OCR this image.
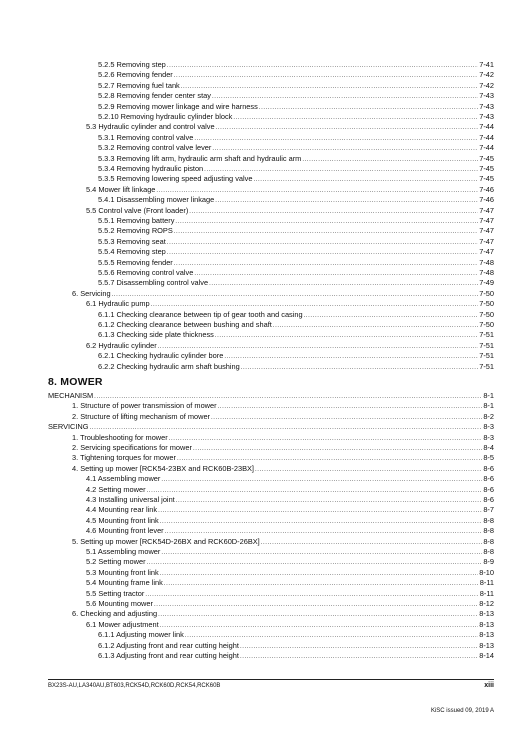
5.2.5 Removing step .....	7-41
5.2.6 Removing fender .....	7-42
5.2.7 Removing fuel tank .....	7-42
5.2.8 Removing fender center stay .....	7-43
5.2.9 Removing mower linkage and wire harness .....	7-43
5.2.10 Removing hydraulic cylinder block .....	7-43
5.3 Hydraulic cylinder and control valve .....	7-44
5.3.1 Removing control valve .....	7-44
5.3.2 Removing control valve lever .....	7-44
5.3.3 Removing lift arm, hydraulic arm shaft and hydraulic arm .....	7-45
5.3.4 Removing hydraulic piston .....	7-45
5.3.5 Removing lowering speed adjusting valve .....	7-45
5.4 Mower lift linkage .....	7-46
5.4.1 Disassembling mower linkage .....	7-46
5.5 Control valve (Front loader) .....	7-47
5.5.1 Removing battery .....	7-47
5.5.2 Removing ROPS .....	7-47
5.5.3 Removing seat .....	7-47
5.5.4 Removing step .....	7-47
5.5.5 Removing fender .....	7-48
5.5.6 Removing control valve .....	7-48
5.5.7 Disassembling control valve .....	7-49
6. Servicing .....	7-50
6.1 Hydraulic pump .....	7-50
6.1.1 Checking clearance between tip of gear tooth and casing .....	7-50
6.1.2 Checking clearance between bushing and shaft .....	7-50
6.1.3 Checking side plate thickness .....	7-51
6.2 Hydraulic cylinder .....	7-51
6.2.1 Checking hydraulic cylinder bore .....	7-51
6.2.2 Checking hydraulic arm shaft bushing .....	7-51
MECHANISM .....	8-1
1. Structure of power transmission of mower .....	8-1
2. Structure of lifting mechanism of mower .....	8-2
SERVICING .....	8-3
1. Troubleshooting for mower .....	8-3
2. Servicing specifications for mower .....	8-4
3. Tightening torques for mower .....	8-5
4. Setting up mower [RCK54-23BX and RCK60B-23BX] .....	8-6
4.1 Assembling mower .....	8-6
4.2 Setting mower .....	8-6
4.3 Installing universal joint .....	8-6
4.4 Mounting rear link .....	8-7
4.5 Mounting front link .....	8-8
4.6 Mounting front lever .....	8-8
5. Setting up mower [RCK54D-26BX and RCK60D-26BX] .....	8-8
5.1 Assembling mower .....	8-8
5.2 Setting mower .....	8-9
5.3 Mounting front link .....	8-10
5.4 Mounting frame link .....	8-11
5.5 Setting tractor .....	8-11
5.6 Mounting mower .....	8-12
6. Checking and adjusting .....	8-13
6.1 Mower adjustment .....	8-13
6.1.1 Adjusting mower link .....	8-13
6.1.2 Adjusting front and rear cutting height .....	8-13
6.1.3 Adjusting front and rear cutting height .....	8-14
8. MOWER
BX23S-AU,LA340AU,BT603,RCK54D,RCK60D,RCK54,RCK60B	xiii
KiSC issued 09, 2019 A
